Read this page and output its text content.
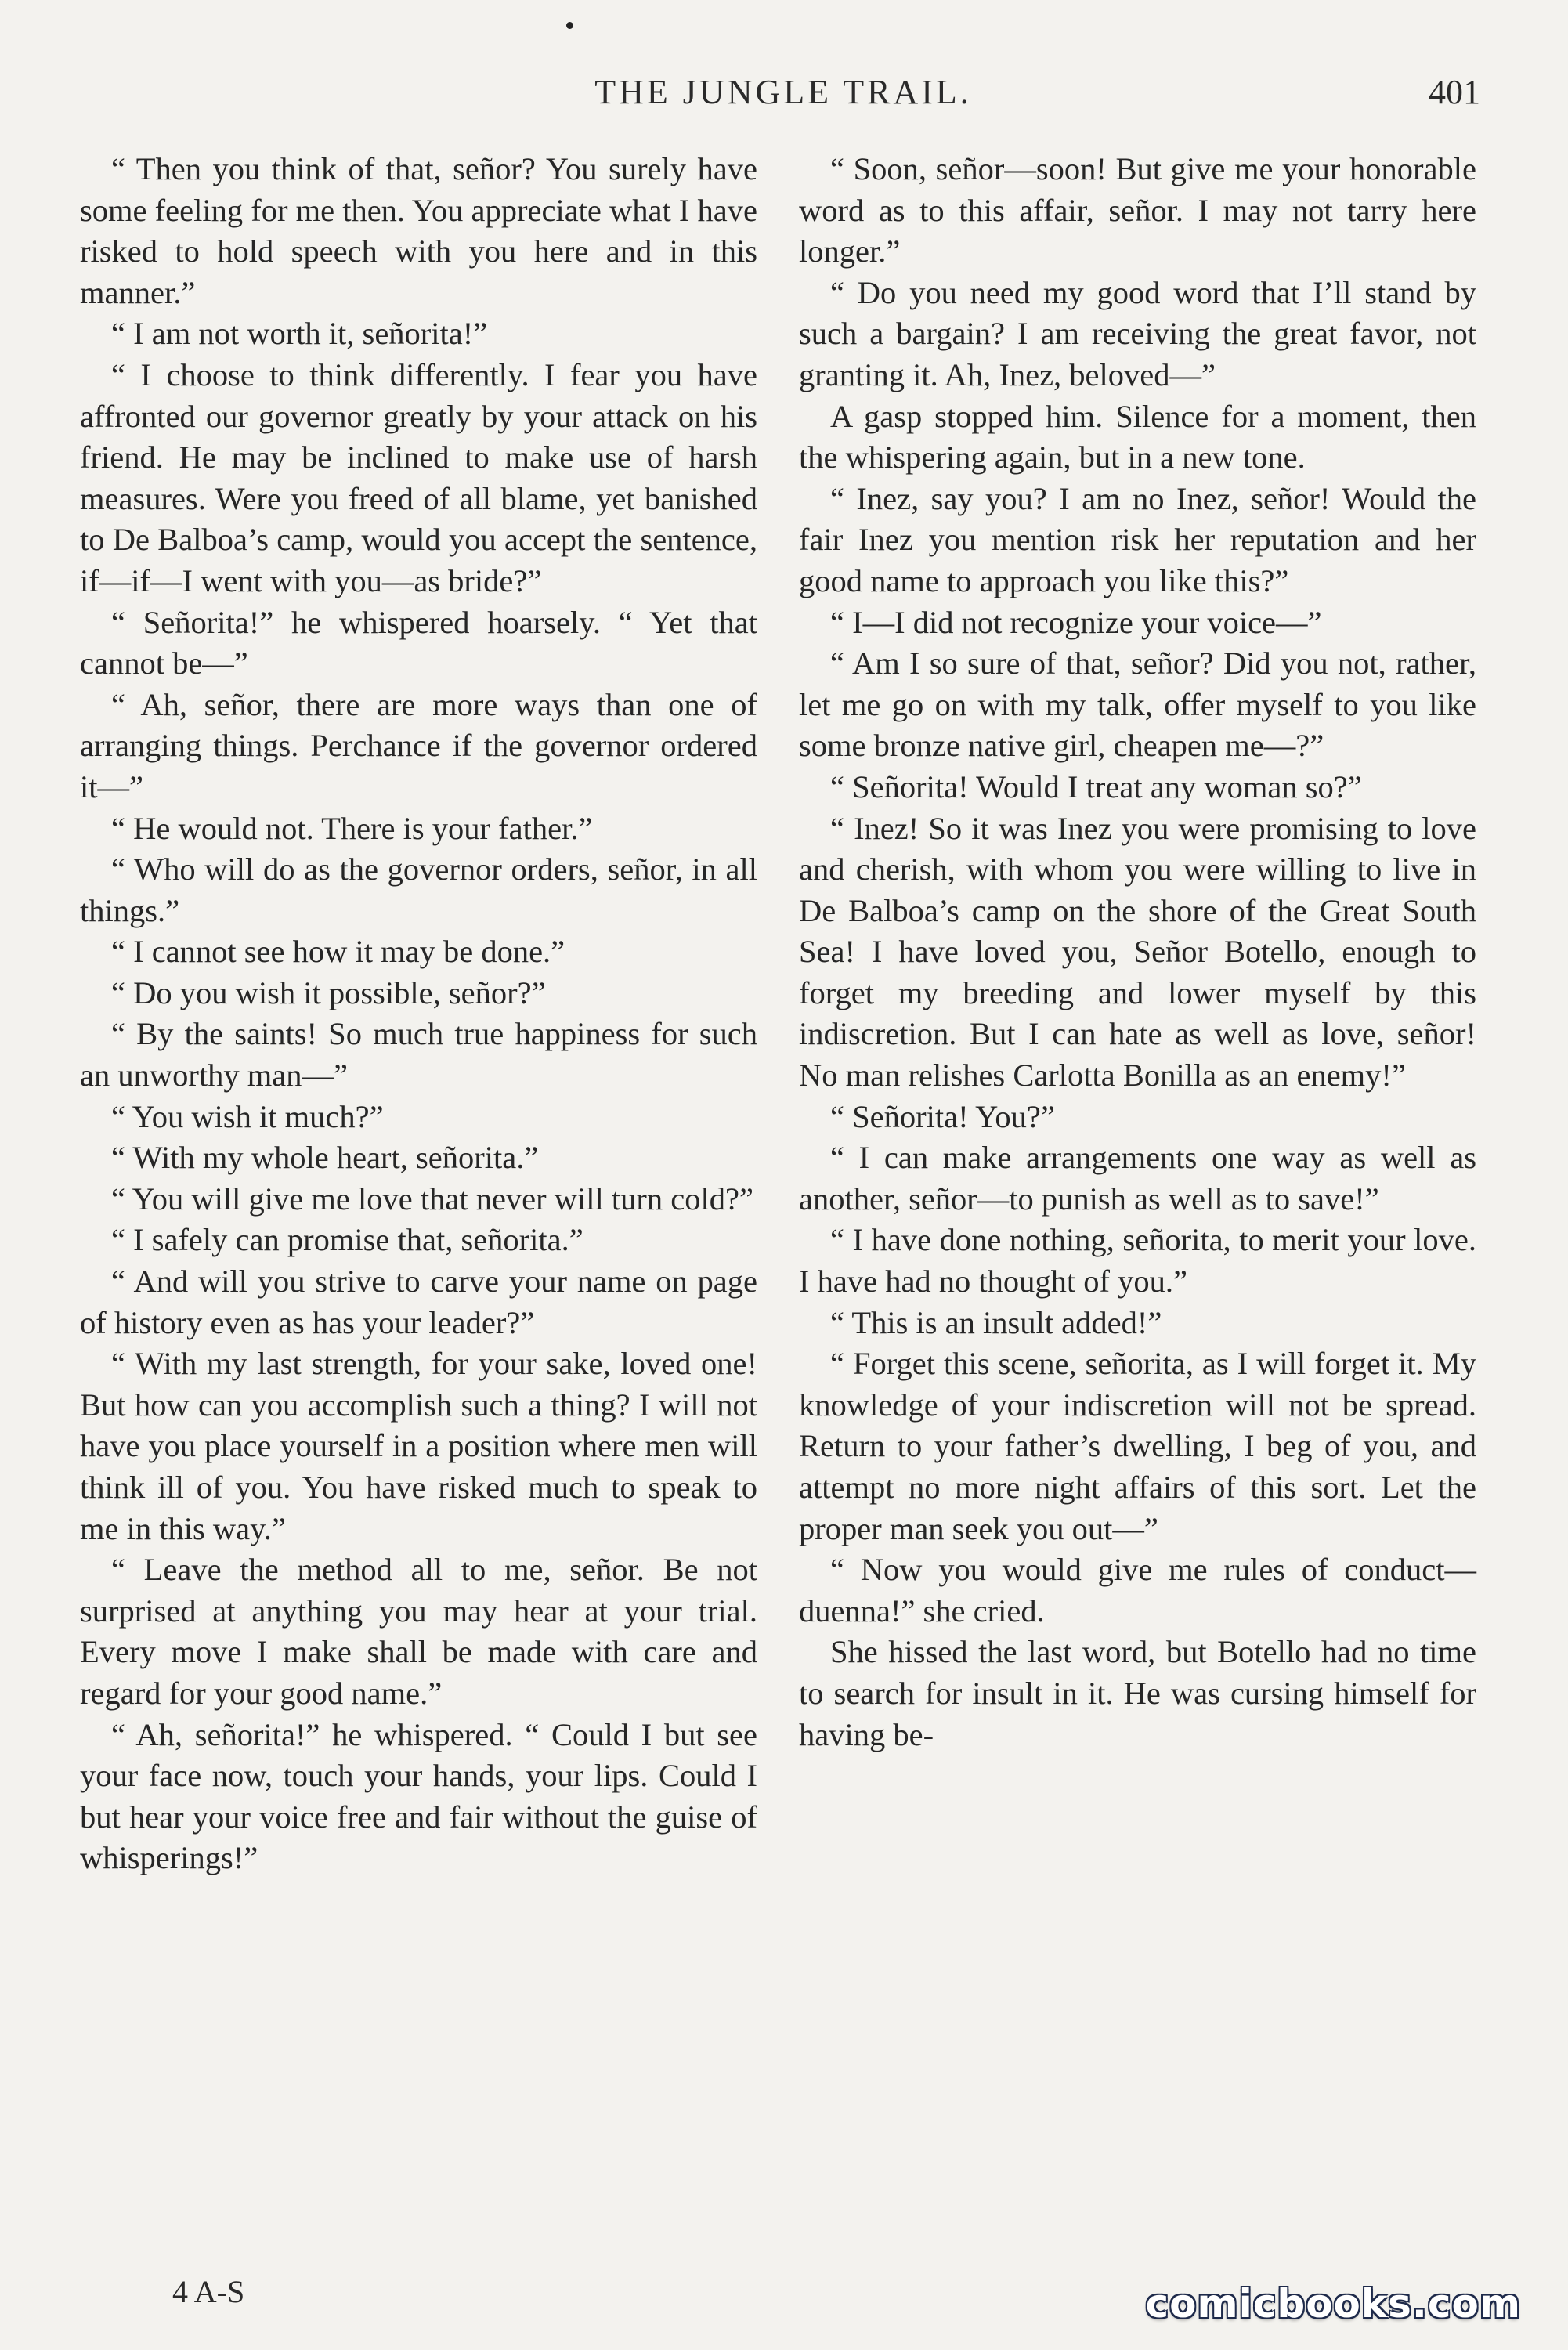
THE JUNGLE TRAIL.	401

“ Then you think of that, señor? You surely have some feeling for me then. You appreciate what I have risked to hold speech with you here and in this manner.”

“ I am not worth it, señorita!”

“ I choose to think differently. I fear you have affronted our governor greatly by your attack on his friend. He may be inclined to make use of harsh measures. Were you freed of all blame, yet banished to De Balboa’s camp, would you accept the sentence, if—if—I went with you—as bride?”

“ Señorita!” he whispered hoarsely. “ Yet that cannot be—”

“ Ah, señor, there are more ways than one of arranging things. Perchance if the governor ordered it—”

“ He would not. There is your father.”

“ Who will do as the governor orders, señor, in all things.”

“ I cannot see how it may be done.”

“ Do you wish it possible, señor?”

“ By the saints! So much true happiness for such an unworthy man—”

“ You wish it much?”

“ With my whole heart, señorita.”

“ You will give me love that never will turn cold?”

“ I safely can promise that, señorita.”

“ And will you strive to carve your name on page of history even as has your leader?”

“ With my last strength, for your sake, loved one! But how can you accomplish such a thing? I will not have you place yourself in a position where men will think ill of you. You have risked much to speak to me in this way.”

“ Leave the method all to me, señor. Be not surprised at anything you may hear at your trial. Every move I make shall be made with care and regard for your good name.”

“ Ah, señorita!” he whispered. “ Could I but see your face now, touch your hands, your lips. Could I but hear your voice free and fair without the guise of whisperings!”

“ Soon, señor—soon! But give me your honorable word as to this affair, señor. I may not tarry here longer.”

“ Do you need my good word that I’ll stand by such a bargain? I am receiving the great favor, not granting it. Ah, Inez, beloved—”

A gasp stopped him. Silence for a moment, then the whispering again, but in a new tone.

“ Inez, say you? I am no Inez, señor! Would the fair Inez you mention risk her reputation and her good name to approach you like this?”

“ I—I did not recognize your voice—”

“ Am I so sure of that, señor? Did you not, rather, let me go on with my talk, offer myself to you like some bronze native girl, cheapen me—?”

“ Señorita! Would I treat any woman so?”

“ Inez! So it was Inez you were promising to love and cherish, with whom you were willing to live in De Balboa’s camp on the shore of the Great South Sea! I have loved you, Señor Botello, enough to forget my breeding and lower myself by this indiscretion. But I can hate as well as love, señor! No man relishes Carlotta Bonilla as an enemy!”

“ Señorita! You?”

“ I can make arrangements one way as well as another, señor—to punish as well as to save!”

“ I have done nothing, señorita, to merit your love. I have had no thought of you.”

“ This is an insult added!”

“ Forget this scene, señorita, as I will forget it. My knowledge of your indiscretion will not be spread. Return to your father’s dwelling, I beg of you, and attempt no more night affairs of this sort. Let the proper man seek you out—”

“ Now you would give me rules of conduct—duenna!” she cried.

She hissed the last word, but Botello had no time to search for insult in it. He was cursing himself for having be-

4 A-S	comicbooks.com
